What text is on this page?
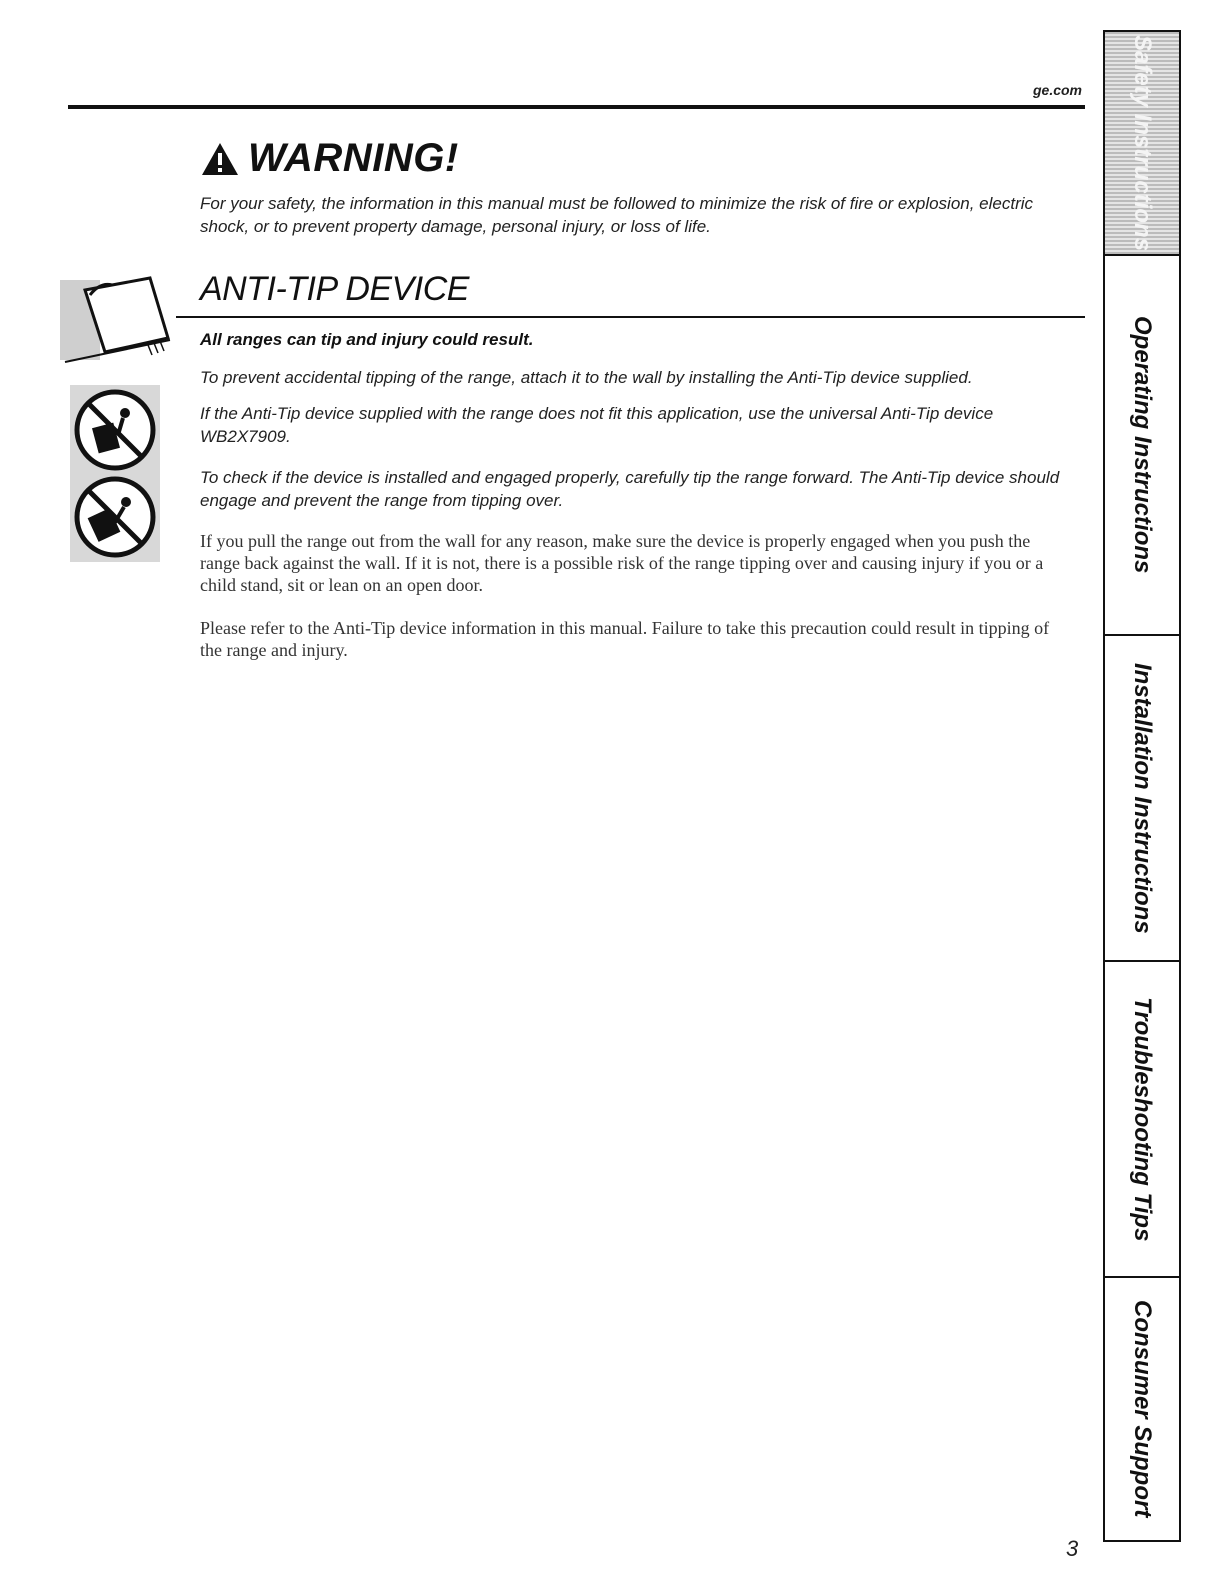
ge.com
WARNING!
For your safety, the information in this manual must be followed to minimize the risk of fire or explosion, electric shock, or to prevent property damage, personal injury, or loss of life.
ANTI-TIP DEVICE
All ranges can tip and injury could result.
To prevent accidental tipping of the range, attach it to the wall by installing the Anti-Tip device supplied.
If the Anti-Tip device supplied with the range does not fit this application, use the universal Anti-Tip device WB2X7909.
To check if the device is installed and engaged properly, carefully tip the range forward. The Anti-Tip device should engage and prevent the range from tipping over.
If you pull the range out from the wall for any reason, make sure the device is properly engaged when you push the range back against the wall. If it is not, there is a possible risk of the range tipping over and causing injury if you or a child stand, sit or lean on an open door.
Please refer to the Anti-Tip device information in this manual. Failure to take this precaution could result in tipping of the range and injury.
Safety Instructions
Operating Instructions
Installation Instructions
Troubleshooting Tips
Consumer Support
3
